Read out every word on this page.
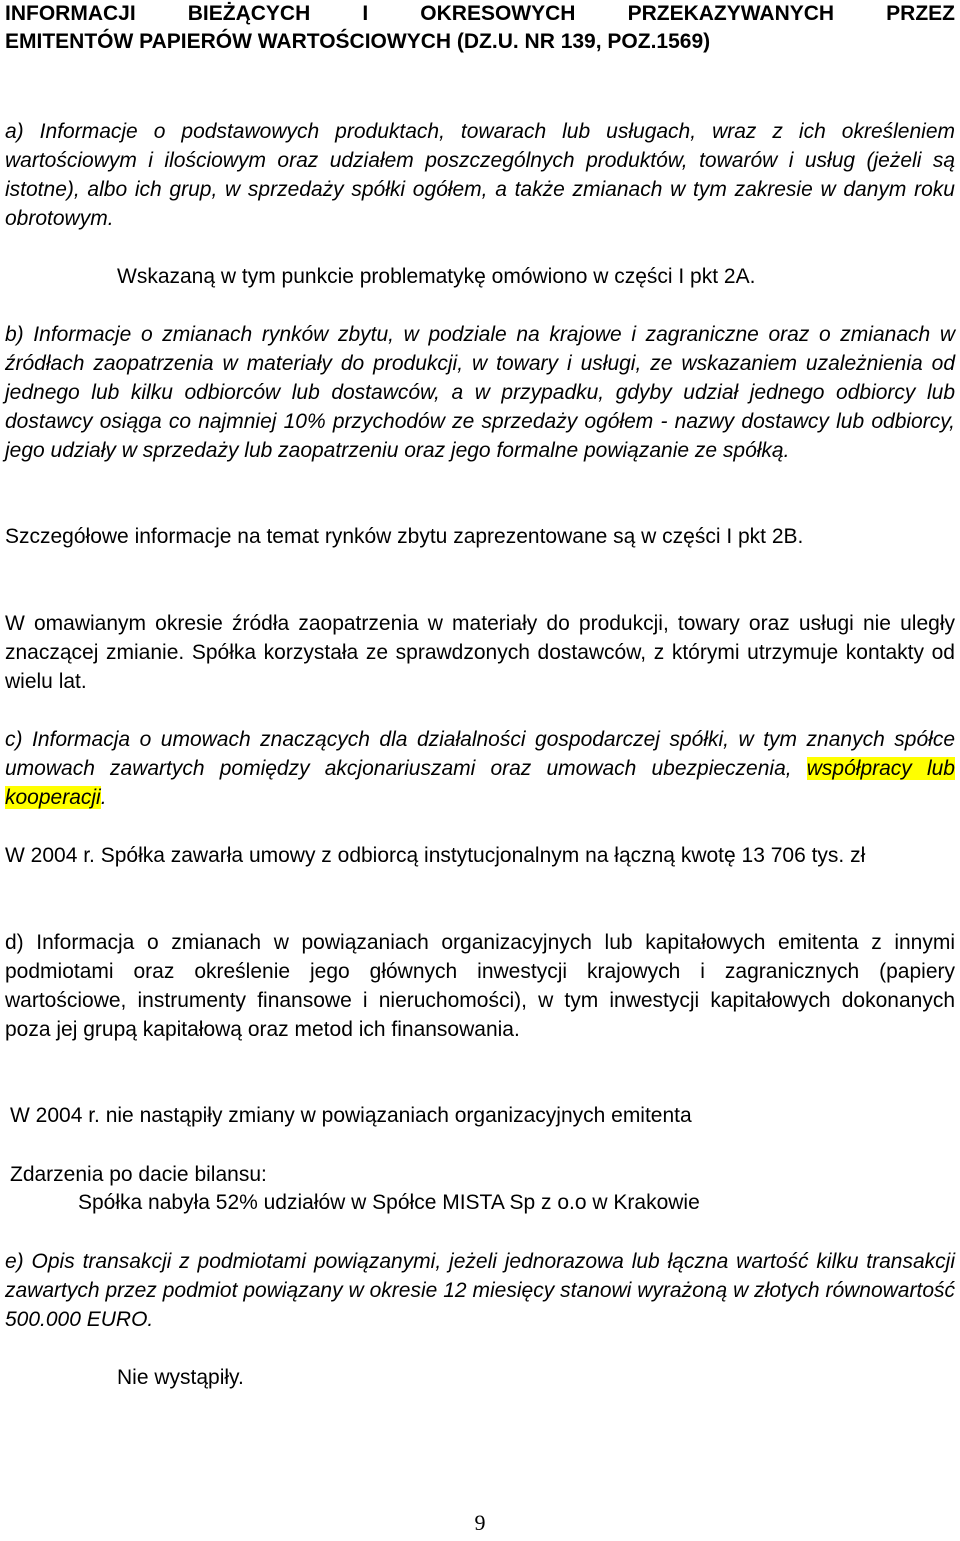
INFORMACJI BIEŻĄCYCH I OKRESOWYCH PRZEKAZYWANYCH PRZEZ
EMITENTÓW PAPIERÓW WARTOŚCIOWYCH (DZ.U. NR 139, POZ.1569)

a) Informacje o podstawowych produktach, towarach lub usługach, wraz z ich określeniem wartościowym i ilościowym oraz udziałem poszczególnych produktów, towarów i usług (jeżeli są istotne), albo ich grup, w sprzedaży spółki ogółem, a także zmianach w tym zakresie w danym roku obrotowym.

Wskazaną w tym punkcie problematykę omówiono w części I pkt 2A.

b) Informacje o zmianach rynków zbytu, w podziale na krajowe i zagraniczne oraz o zmianach w źródłach zaopatrzenia w materiały do produkcji, w towary i usługi, ze wskazaniem uzależnienia od jednego lub kilku odbiorców lub dostawców, a w przypadku, gdyby udział jednego odbiorcy lub dostawcy osiąga co najmniej 10% przychodów ze sprzedaży ogółem - nazwy dostawcy lub odbiorcy, jego udziały w sprzedaży lub zaopatrzeniu oraz jego formalne powiązanie ze spółką.

Szczegółowe informacje na temat rynków zbytu zaprezentowane są w części I pkt 2B.

W omawianym okresie źródła zaopatrzenia w materiały do produkcji, towary oraz usługi nie uległy znaczącej zmianie. Spółka korzystała ze sprawdzonych dostawców, z którymi utrzymuje kontakty od wielu lat.

c) Informacja o umowach znaczących dla działalności gospodarczej spółki, w tym znanych spółce umowach zawartych pomiędzy akcjonariuszami oraz umowach ubezpieczenia, współpracy lub kooperacji.

W 2004 r. Spółka zawarła umowy z odbiorcą instytucjonalnym na łączną kwotę 13 706 tys. zł

d) Informacja o zmianach w powiązaniach organizacyjnych lub kapitałowych emitenta z innymi podmiotami oraz określenie jego głównych inwestycji krajowych i zagranicznych (papiery wartościowe, instrumenty finansowe i nieruchomości), w tym inwestycji kapitałowych dokonanych poza jej grupą kapitałową oraz metod ich finansowania.

W 2004 r. nie nastąpiły zmiany w powiązaniach organizacyjnych emitenta

Zdarzenia po dacie bilansu:

Spółka nabyła 52% udziałów w Spółce MISTA Sp z o.o w Krakowie

e) Opis transakcji z podmiotami powiązanymi, jeżeli jednorazowa lub łączna wartość kilku transakcji zawartych przez podmiot powiązany w okresie 12 miesięcy stanowi wyrażoną w złotych równowartość 500.000 EURO.

Nie wystąpiły.

9
